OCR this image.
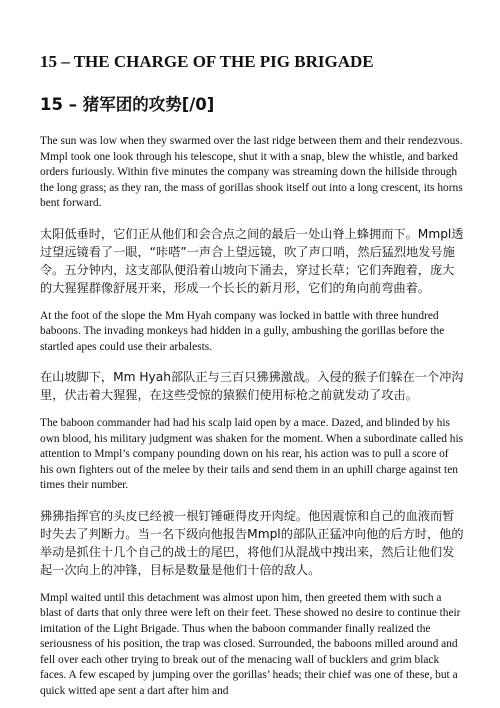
15 – THE CHARGE OF THE PIG BRIGADE
15 – 猪军团的攻势[/0]

The sun was low when they swarmed over the last ridge between them and their rendezvous. Mmpl took one look through his telescope, shut it with a snap, blew the whistle, and barked orders furiously. Within five minutes the company was streaming down the hillside through the long grass; as they ran, the mass of gorillas shook itself out into a long crescent, its horns bent forward.

太阳低垂时，它们正从他们和会合点之间的最后一处山脊上蜂拥而下。Mmpl透过望远镜看了一眼，“咔嗒”一声合上望远镜，吹了声口哨，然后猛烈地发号施令。五分钟内，这支部队便沿着山坡向下涌去，穿过长草；它们奔跑着，庞大的大猩猩群像舒展开来，形成一个长长的新月形，它们的角向前弯曲着。

At the foot of the slope the Mm Hyah company was locked in battle with three hundred baboons. The invading monkeys had hidden in a gully, ambushing the gorillas before the startled apes could use their arbalests.

在山坡脚下，Mm Hyah部队正与三百只狒狒激战。入侵的猴子们躲在一个冲沟里，伏击着大猩猩，在这些受惊的猿猴们使用标枪之前就发动了攻击。

The baboon commander had had his scalp laid open by a mace. Dazed, and blinded by his own blood, his military judgment was shaken for the moment. When a subordinate called his attention to Mmpl’s company pounding down on his rear, his action was to pull a score of his own fighters out of the melee by their tails and send them in an uphill charge against ten times their number.

狒狒指挥官的头皮已经被一根钉锤砸得皮开肉绽。他因震惊和自己的血液而暂时失去了判断力。当一名下级向他报告Mmpl的部队正猛冲向他的后方时，他的举动是抓住十几个自己的战士的尾巴，将他们从混战中拽出来，然后让他们发起一次向上的冲锋，目标是数量是他们十倍的敌人。

Mmpl waited until this detachment was almost upon him, then greeted them with such a blast of darts that only three were left on their feet. These showed no desire to continue their imitation of the Light Brigade. Thus when the baboon commander finally realized the seriousness of his position, the trap was closed. Surrounded, the baboons milled around and fell over each other trying to break out of the menacing wall of bucklers and grim black faces. A few escaped by jumping over the gorillas’ heads; their chief was one of these, but a quick witted ape sent a dart after him and
